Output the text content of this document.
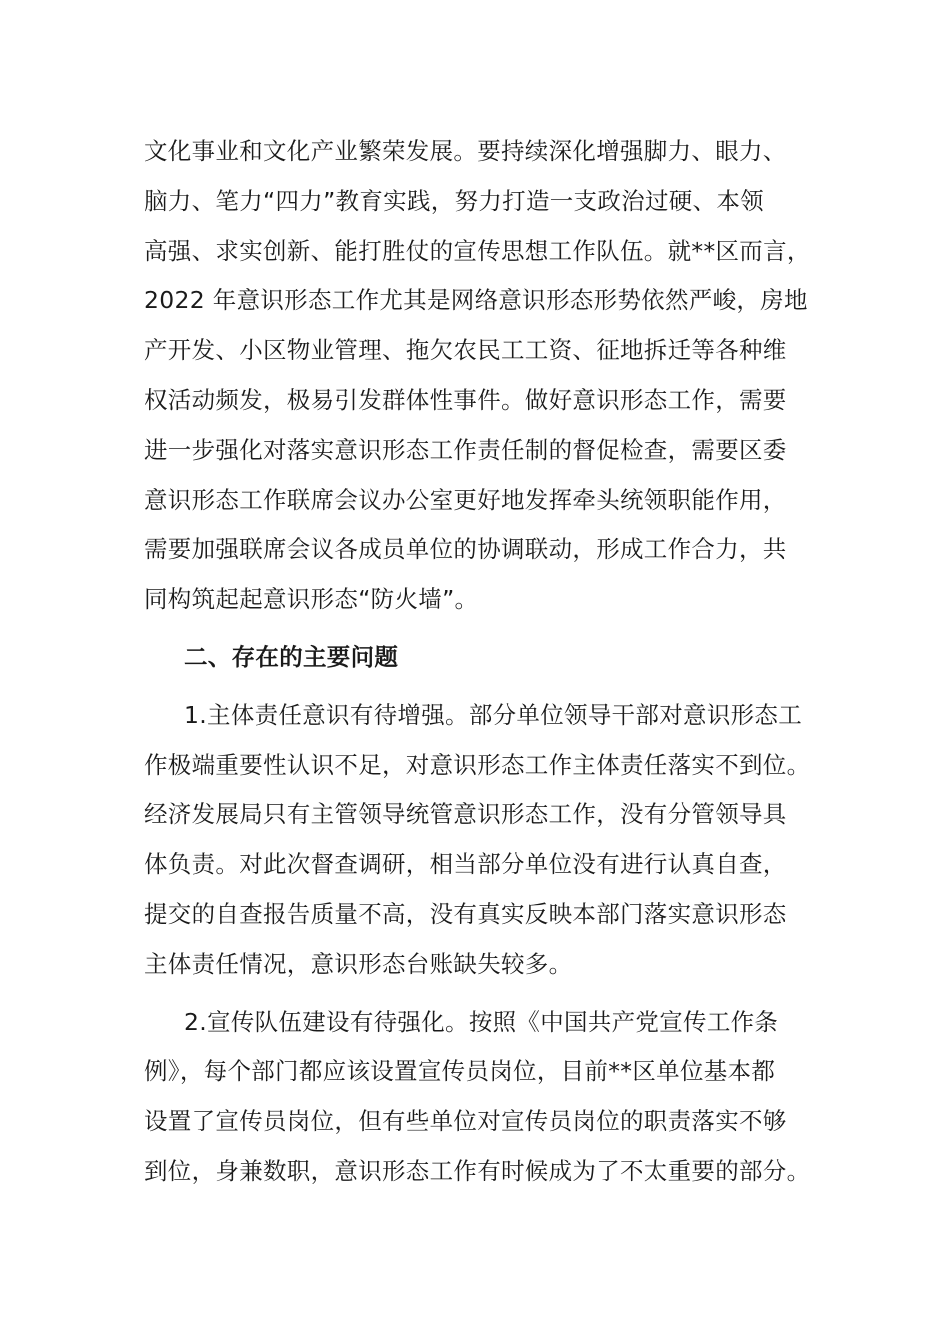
文化事业和文化产业繁荣发展。要持续深化增强脚力、眼力、
脑力、笔力“四力”教育实践，努力打造一支政治过硬、本领
高强、求实创新、能打胜仗的宣传思想工作队伍。就**区而言，
2022 年意识形态工作尤其是网络意识形态形势依然严峻，房地
产开发、小区物业管理、拖欠农民工工资、征地拆迁等各种维
权活动频发，极易引发群体性事件。做好意识形态工作，需要
进一步强化对落实意识形态工作责任制的督促检查，需要区委
意识形态工作联席会议办公室更好地发挥牵头统领职能作用，
需要加强联席会议各成员单位的协调联动，形成工作合力，共
同构筑起起意识形态“防火墙”。
二、存在的主要问题
1.主体责任意识有待增强。部分单位领导干部对意识形态工
作极端重要性认识不足，对意识形态工作主体责任落实不到位。
经济发展局只有主管领导统管意识形态工作，没有分管领导具
体负责。对此次督查调研，相当部分单位没有进行认真自查，
提交的自查报告质量不高，没有真实反映本部门落实意识形态
主体责任情况，意识形态台账缺失较多。
2.宣传队伍建设有待强化。按照《中国共产党宣传工作条
例》，每个部门都应该设置宣传员岗位，目前**区单位基本都
设置了宣传员岗位，但有些单位对宣传员岗位的职责落实不够
到位，身兼数职，意识形态工作有时候成为了不太重要的部分。
